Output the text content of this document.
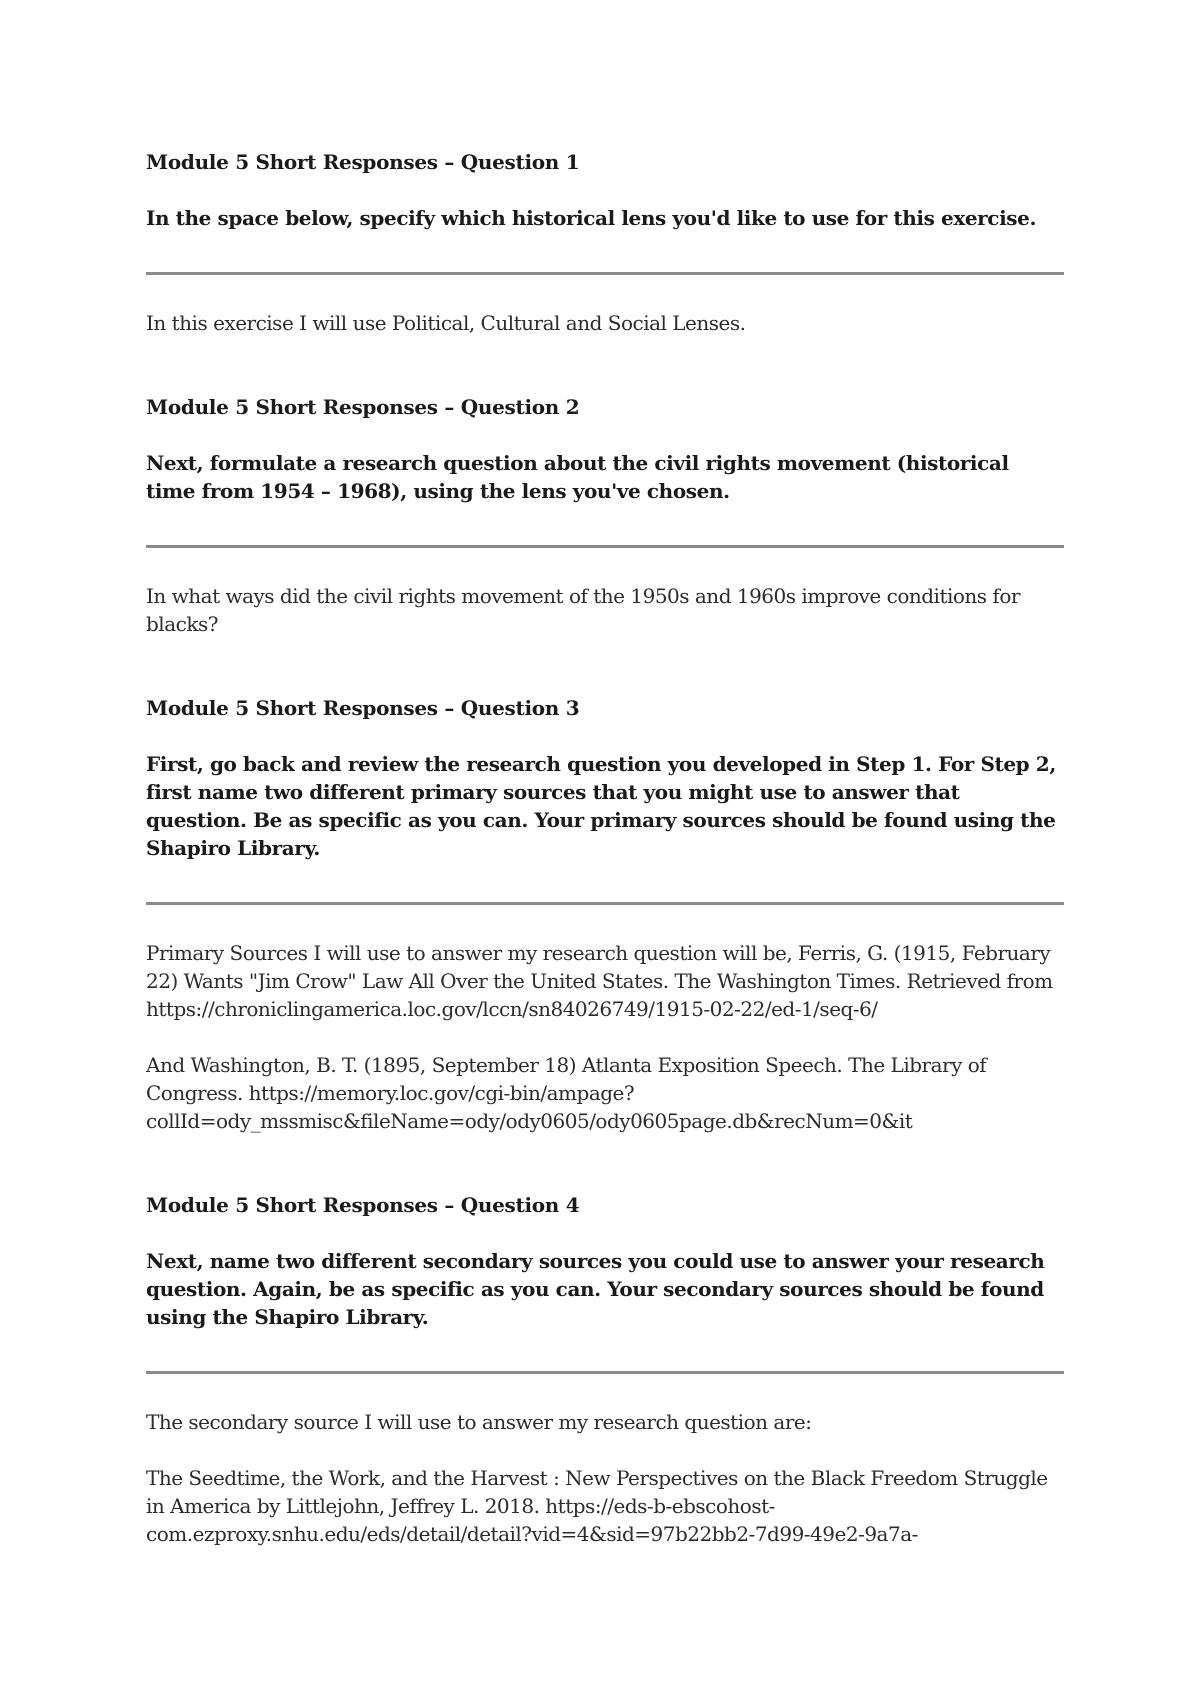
Module 5 Short Responses – Question 1

In the space below, specify which historical lens you'd like to use for this exercise.

In this exercise I will use Political, Cultural and Social Lenses.

Module 5 Short Responses – Question 2

Next, formulate a research question about the civil rights movement (historical time from 1954 – 1968), using the lens you've chosen.

In what ways did the civil rights movement of the 1950s and 1960s improve conditions for blacks?

Module 5 Short Responses – Question 3

First, go back and review the research question you developed in Step 1. For Step 2, first name two different primary sources that you might use to answer that question. Be as specific as you can. Your primary sources should be found using the Shapiro Library.

Primary Sources I will use to answer my research question will be, Ferris, G. (1915, February 22) Wants "Jim Crow" Law All Over the United States. The Washington Times. Retrieved from https://chroniclingamerica.loc.gov/lccn/sn84026749/1915-02-22/ed-1/seq-6/

And Washington, B. T. (1895, September 18) Atlanta Exposition Speech. The Library of Congress. https://memory.loc.gov/cgi-bin/ampage?collId=ody_mssmisc&fileName=ody/ody0605/ody0605page.db&recNum=0&it

Module 5 Short Responses – Question 4

Next, name two different secondary sources you could use to answer your research question. Again, be as specific as you can. Your secondary sources should be found using the Shapiro Library.

The secondary source I will use to answer my research question are:

The Seedtime, the Work, and the Harvest : New Perspectives on the Black Freedom Struggle in America by Littlejohn, Jeffrey L. 2018. https://eds-b-ebscohost-com.ezproxy.snhu.edu/eds/detail/detail?vid=4&sid=97b22bb2-7d99-49e2-9a7a-
